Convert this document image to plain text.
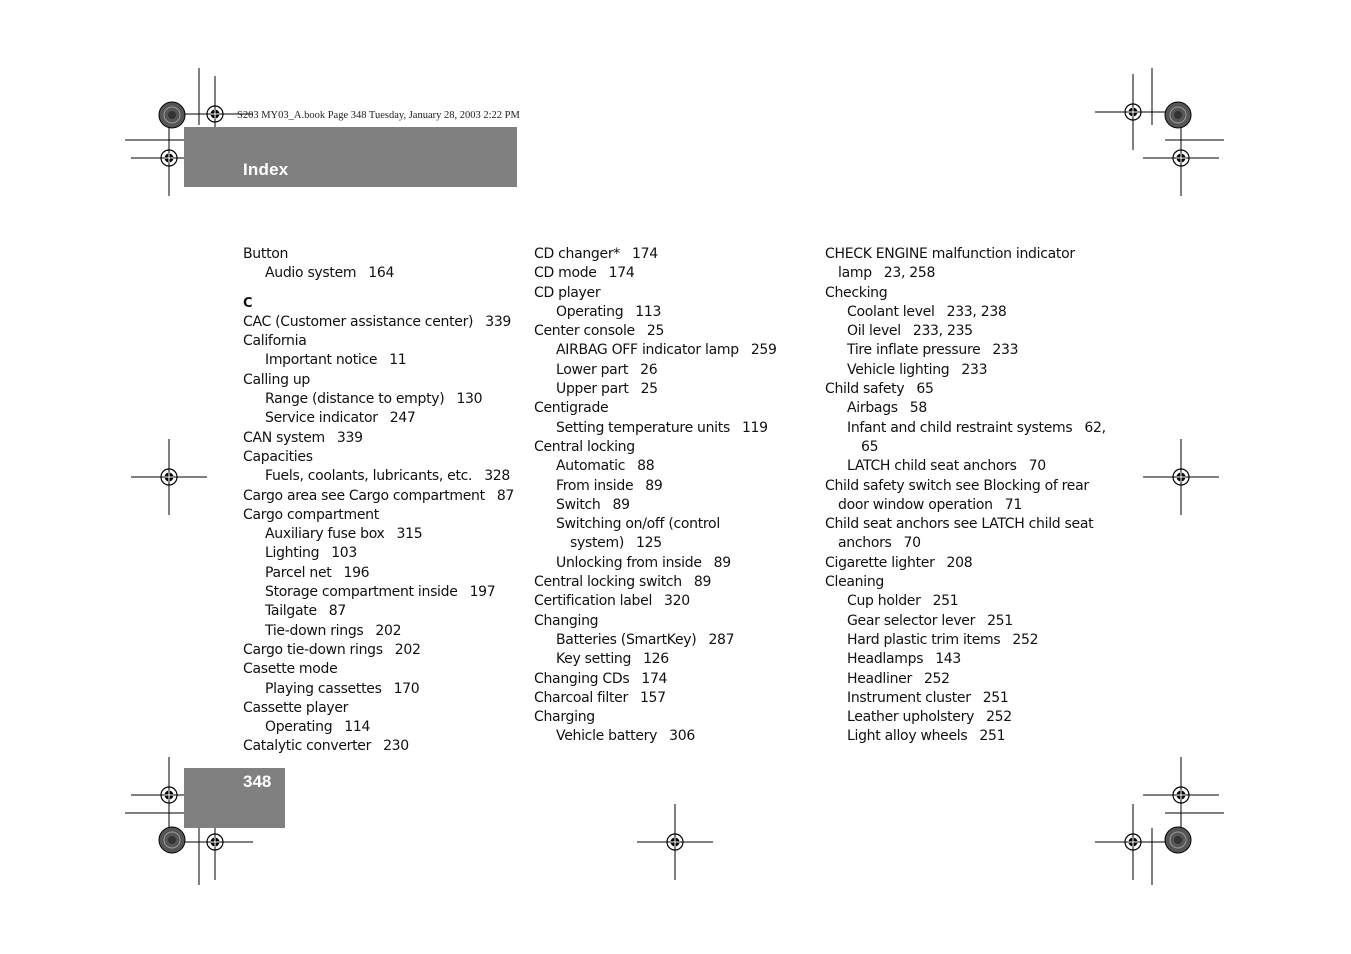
S203 MY03_A.book Page 348 Tuesday, January 28, 2003 2:22 PM
Index
Button
Audio system 164
C
CAC (Customer assistance center) 339
California
Important notice 11
Calling up
Range (distance to empty) 130
Service indicator 247
CAN system 339
Capacities
Fuels, coolants, lubricants, etc. 328
Cargo area see Cargo compartment 87
Cargo compartment
Auxiliary fuse box 315
Lighting 103
Parcel net 196
Storage compartment inside 197
Tailgate 87
Tie-down rings 202
Cargo tie-down rings 202
Casette mode
Playing cassettes 170
Cassette player
Operating 114
Catalytic converter 230
CD changer* 174
CD mode 174
CD player
Operating 113
Center console 25
AIRBAG OFF indicator lamp 259
Lower part 26
Upper part 25
Centigrade
Setting temperature units 119
Central locking
Automatic 88
From inside 89
Switch 89
Switching on/off (control
system) 125
Unlocking from inside 89
Central locking switch 89
Certification label 320
Changing
Batteries (SmartKey) 287
Key setting 126
Changing CDs 174
Charcoal filter 157
Charging
Vehicle battery 306
CHECK ENGINE malfunction indicator
lamp 23, 258
Checking
Coolant level 233, 238
Oil level 233, 235
Tire inflate pressure 233
Vehicle lighting 233
Child safety 65
Airbags 58
Infant and child restraint systems 62,
65
LATCH child seat anchors 70
Child safety switch see Blocking of rear
door window operation 71
Child seat anchors see LATCH child seat
anchors 70
Cigarette lighter 208
Cleaning
Cup holder 251
Gear selector lever 251
Hard plastic trim items 252
Headlamps 143
Headliner 252
Instrument cluster 251
Leather upholstery 252
Light alloy wheels 251
348
